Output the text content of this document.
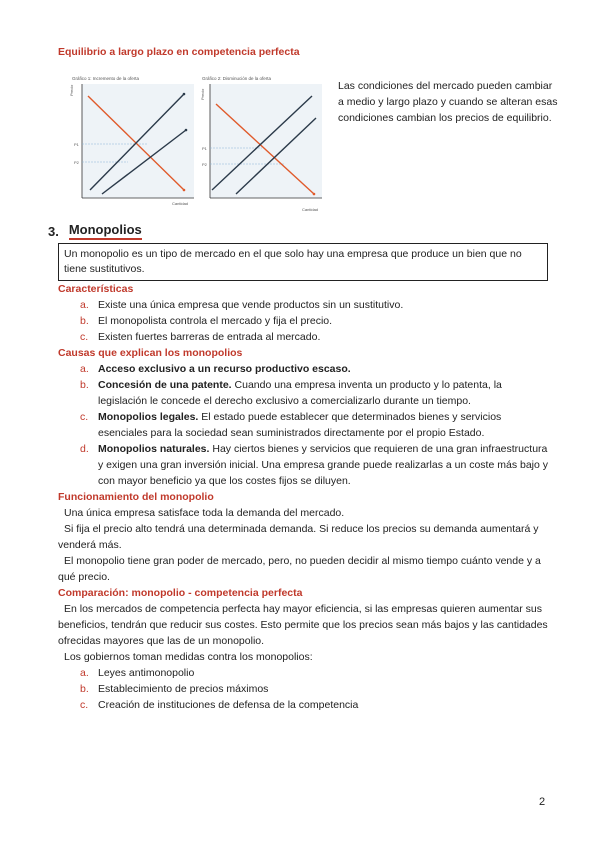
Equilibrio a largo plazo en competencia perfecta
Gráfico 1: Incremento de la oferta
Precio
Cantidad
P1
P2
Gráfico 2: Disminución de la oferta
Precio
Cantidad
P1
P2
Las condiciones del mercado pueden cambiar a medio y largo plazo y cuando se alteran esas condiciones cambian los precios de equilibrio.
3. Monopolios
Un monopolio es un tipo de mercado en el que solo hay una empresa que produce un bien que no tiene sustitutivos.
Características
a. Existe una única empresa que vende productos sin un sustitutivo.
b. El monopolista controla el mercado y fija el precio.
c. Existen fuertes barreras de entrada al mercado.
Causas que explican los monopolios
a. Acceso exclusivo a un recurso productivo escaso.
b. Concesión de una patente. Cuando una empresa inventa un producto y lo patenta, la legislación le concede el derecho exclusivo a comercializarlo durante un tiempo.
c. Monopolios legales. El estado puede establecer que determinados bienes y servicios esenciales para la sociedad sean suministrados directamente por el propio Estado.
d. Monopolios naturales. Hay ciertos bienes y servicios que requieren de una gran infraestructura y exigen una gran inversión inicial. Una empresa grande puede realizarlas a un coste más bajo y con mayor beneficio ya que los costes fijos se diluyen.
Funcionamiento del monopolio
Una única empresa satisface toda la demanda del mercado.
Si fija el precio alto tendrá una determinada demanda. Si reduce los precios su demanda aumentará y venderá más.
El monopolio tiene gran poder de mercado, pero, no pueden decidir al mismo tiempo cuánto vende y a qué precio.
Comparación: monopolio - competencia perfecta
En los mercados de competencia perfecta hay mayor eficiencia, si las empresas quieren aumentar sus beneficios, tendrán que reducir sus costes. Esto permite que los precios sean más bajos y las cantidades ofrecidas mayores que las de un monopolio.
Los gobiernos toman medidas contra los monopolios:
a. Leyes antimonopolio
b. Establecimiento de precios máximos
c. Creación de instituciones de defensa de la competencia
2
